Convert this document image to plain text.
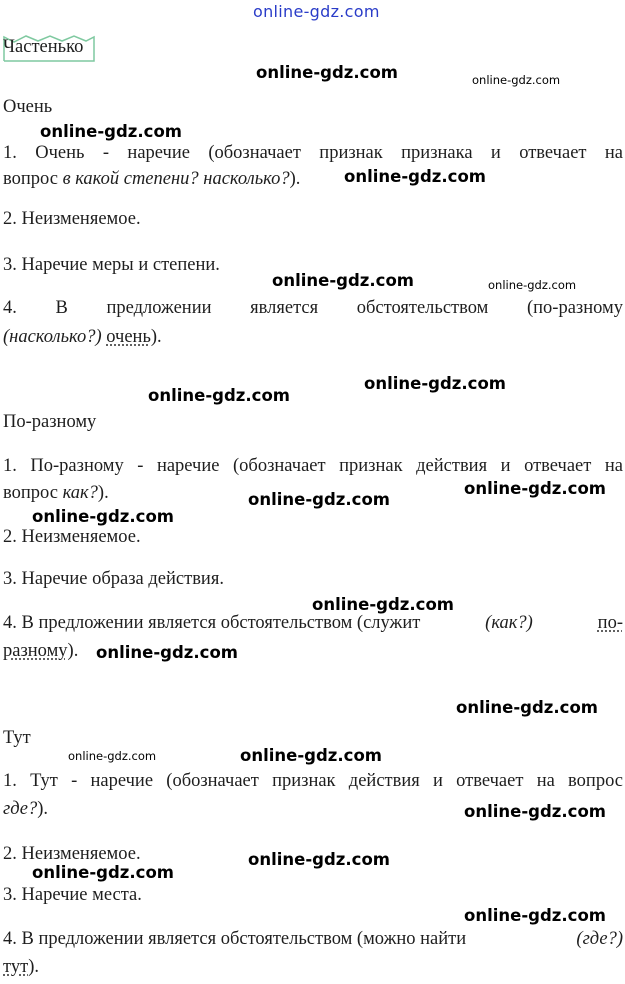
online-gdz.com
Частенько
Очень
1. Очень - наречие (обозначает признак признака и отвечает на
вопрос в какой степени? насколько?).
2. Неизменяемое.
3. Наречие меры и степени.
4. В предложении является обстоятельством (по-разному
(насколько?) очень).
По-разному
1. По-разному - наречие (обозначает признак действия и отвечает на
вопрос как?).
2. Неизменяемое.
3. Наречие образа действия.
4. В предложении является обстоятельством (служит	(как?)	по-
разному).
Тут
1. Тут - наречие (обозначает признак действия и отвечает на вопрос
где?).
2. Неизменяемое.
3. Наречие места.
4. В предложении является обстоятельством (можно найти	(где?)
тут).
online-gdz.com	online-gdz.com
online-gdz.com
online-gdz.com
online-gdz.com	online-gdz.com
online-gdz.com
online-gdz.com
online-gdz.com
online-gdz.com
online-gdz.com
online-gdz.com
online-gdz.com
online-gdz.com
online-gdz.com	online-gdz.com
online-gdz.com
online-gdz.com
online-gdz.com
online-gdz.com
